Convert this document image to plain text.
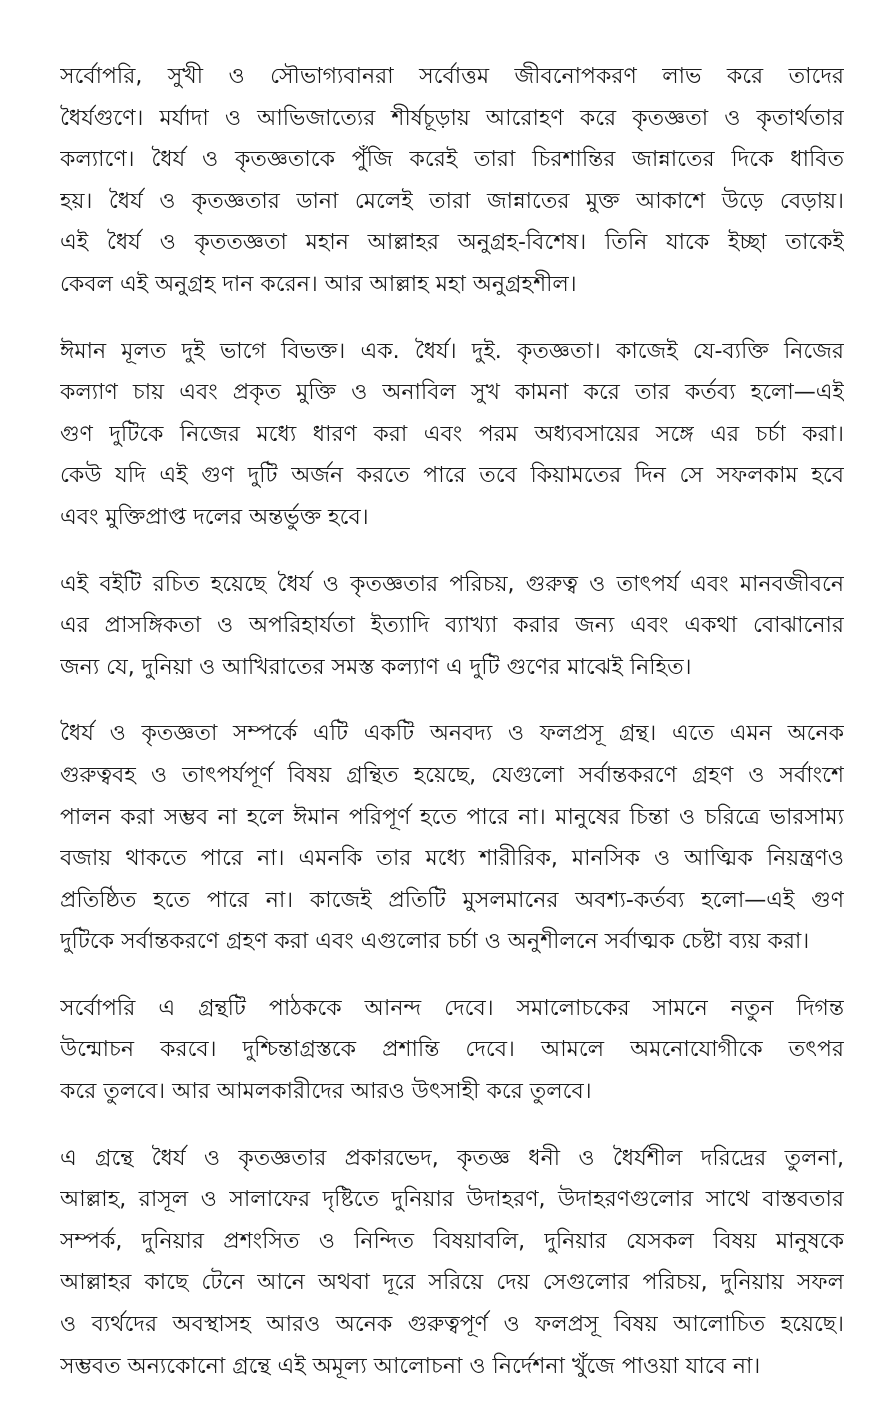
সর্বোপরি, সুখী ও সৌভাগ্যবানরা সর্বোত্তম জীবনোপকরণ লাভ করে তাদের
ধৈর্যগুণে। মর্যাদা ও আভিজাত্যের শীর্ষচূড়ায় আরোহণ করে কৃতজ্ঞতা ও কৃতার্থতার
কল্যাণে। ধৈর্য ও কৃতজ্ঞতাকে পুঁজি করেই তারা চিরশান্তির জান্নাতের দিকে ধাবিত
হয়। ধৈর্য ও কৃতজ্ঞতার ডানা মেলেই তারা জান্নাতের মুক্ত আকাশে উড়ে বেড়ায়।
এই ধৈর্য ও কৃততজ্ঞতা মহান আল্লাহর অনুগ্রহ-বিশেষ। তিনি যাকে ইচ্ছা তাকেই
কেবল এই অনুগ্রহ দান করেন। আর আল্লাহ মহা অনুগ্রহশীল।
ঈমান মূলত দুই ভাগে বিভক্ত। এক. ধৈর্য। দুই. কৃতজ্ঞতা। কাজেই যে-ব্যক্তি নিজের
কল্যাণ চায় এবং প্রকৃত মুক্তি ও অনাবিল সুখ কামনা করে তার কর্তব্য হলো—এই
গুণ দুটিকে নিজের মধ্যে ধারণ করা এবং পরম অধ্যবসায়ের সঙ্গে এর চর্চা করা।
কেউ যদি এই গুণ দুটি অর্জন করতে পারে তবে কিয়ামতের দিন সে সফলকাম হবে
এবং মুক্তিপ্রাপ্ত দলের অন্তর্ভুক্ত হবে।
এই বইটি রচিত হয়েছে ধৈর্য ও কৃতজ্ঞতার পরিচয়, গুরুত্ব ও তাৎপর্য এবং মানবজীবনে
এর প্রাসঙ্গিকতা ও অপরিহার্যতা ইত্যাদি ব্যাখ্যা করার জন্য এবং একথা বোঝানোর
জন্য যে, দুনিয়া ও আখিরাতের সমস্ত কল্যাণ এ দুটি গুণের মাঝেই নিহিত।
ধৈর্য ও কৃতজ্ঞতা সম্পর্কে এটি একটি অনবদ্য ও ফলপ্রসূ গ্রন্থ। এতে এমন অনেক
গুরুত্ববহ ও তাৎপর্যপূর্ণ বিষয় গ্রন্থিত হয়েছে, যেগুলো সর্বান্তকরণে গ্রহণ ও সর্বাংশে
পালন করা সম্ভব না হলে ঈমান পরিপূর্ণ হতে পারে না। মানুষের চিন্তা ও চরিত্রে ভারসাম্য
বজায় থাকতে পারে না। এমনকি তার মধ্যে শারীরিক, মানসিক ও আত্মিক নিয়ন্ত্রণও
প্রতিষ্ঠিত হতে পারে না। কাজেই প্রতিটি মুসলমানের অবশ্য-কর্তব্য হলো—এই গুণ
দুটিকে সর্বান্তকরণে গ্রহণ করা এবং এগুলোর চর্চা ও অনুশীলনে সর্বাত্মক চেষ্টা ব্যয় করা।
সর্বোপরি এ গ্রন্থটি পাঠককে আনন্দ দেবে। সমালোচকের সামনে নতুন দিগন্ত
উন্মোচন করবে। দুশ্চিন্তাগ্রস্তকে প্রশান্তি দেবে। আমলে অমনোযোগীকে তৎপর
করে তুলবে। আর আমলকারীদের আরও উৎসাহী করে তুলবে।
এ গ্রন্থে ধৈর্য ও কৃতজ্ঞতার প্রকারভেদ, কৃতজ্ঞ ধনী ও ধৈর্যশীল দরিদ্রের তুলনা,
আল্লাহ, রাসূল ও সালাফের দৃষ্টিতে দুনিয়ার উদাহরণ, উদাহরণগুলোর সাথে বাস্তবতার
সম্পর্ক, দুনিয়ার প্রশংসিত ও নিন্দিত বিষয়াবলি, দুনিয়ার যেসকল বিষয় মানুষকে
আল্লাহর কাছে টেনে আনে অথবা দূরে সরিয়ে দেয় সেগুলোর পরিচয়, দুনিয়ায় সফল
ও ব্যর্থদের অবস্থাসহ আরও অনেক গুরুত্বপূর্ণ ও ফলপ্রসূ বিষয় আলোচিত হয়েছে।
সম্ভবত অন্যকোনো গ্রন্থে এই অমূল্য আলোচনা ও নির্দেশনা খুঁজে পাওয়া যাবে না।
